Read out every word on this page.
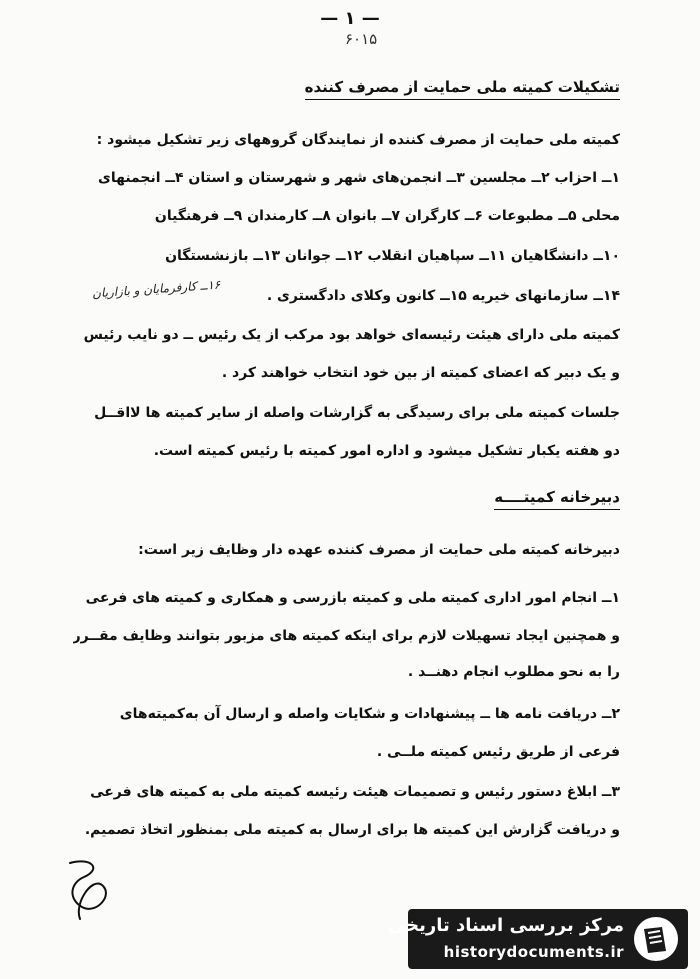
— ۱ —
۶۰۱۵
تشکیلات کمیته ملی حمایت از مصرف کننده
کمیته ملی حمایت از مصرف کننده از نمایندگان گروههای زیر تشکیل میشود :
۱ــ احزاب ۲ــ مجلسین ۳ــ انجمن‌های شهر و شهرستان و استان ۴ــ انجمنهای
محلی ۵ــ مطبوعات ۶ــ کارگران ۷ــ بانوان ۸ــ کارمندان ۹ــ فرهنگیان
۱۰ــ دانشگاهیان ۱۱ــ سپاهیان انقلاب ۱۲ــ جوانان ۱۳ــ بازنشستگان
۱۴ــ سازمانهای خیریه ۱۵ــ کانون وکلای دادگستری .
۱۶ــ کارفرمایان و بازاریان
کمیته ملی دارای هیئت رئیسه‌ای خواهد بود مرکب از یک رئیس ــ دو نایب رئیس
و یک دبیر که اعضای کمیته از بین خود انتخاب خواهند کرد .
جلسات کمیته ملی برای رسیدگی به گزارشات واصله از سایر کمیته ها لااقــل
دو هفته یکبار تشکیل میشود و اداره امور کمیته با رئیس کمیته است.
دبیرخانه کمیتــــه
دبیرخانه کمیته ملی حمایت از مصرف کننده عهده دار وظایف زیر است:
۱ــ انجام امور اداری کمیته ملی و کمیته بازرسی و همکاری و کمیته های فرعی
و همچنین ایجاد تسهیلات لازم برای اینکه کمیته های مزبور بتوانند وظایف مقــرر
را به نحو مطلوب انجام دهنــد .
۲ــ دریافت نامه ها ــ پیشنهادات و شکایات واصله و ارسال آن به‌کمیته‌های
فرعی از طریق رئیس کمیته ملــی .
۳ــ ابلاغ دستور رئیس و تصمیمات هیئت رئیسه کمیته ملی به کمیته های فرعی
و دریافت گزارش این کمیته ها برای ارسال به کمیته ملی بمنظور اتخاذ تصمیم.
مرکز بررسی اسناد تاریخی
historydocuments.ir
